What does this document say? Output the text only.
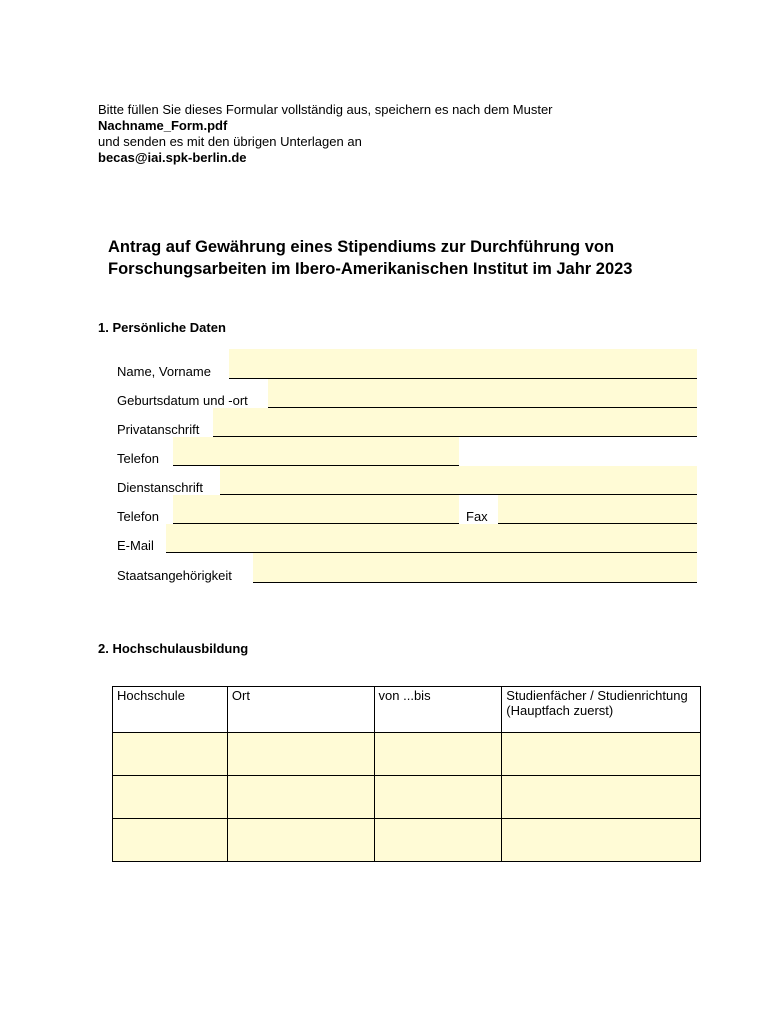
Bitte füllen Sie dieses Formular vollständig aus, speichern es nach dem Muster
Nachname_Form.pdf
und senden es mit den übrigen Unterlagen an
becas@iai.spk-berlin.de
Antrag auf Gewährung eines Stipendiums zur Durchführung von
Forschungsarbeiten im Ibero-Amerikanischen Institut im Jahr 2023
1. Persönliche Daten
Name, Vorname
Geburtsdatum und -ort
Privatanschrift
Telefon
Dienstanschrift
Telefon	Fax
E-Mail
Staatsangehörigkeit
2. Hochschulausbildung
Hochschule	Ort	von ...bis	Studienfächer / Studienrichtung (Hauptfach zuerst)
